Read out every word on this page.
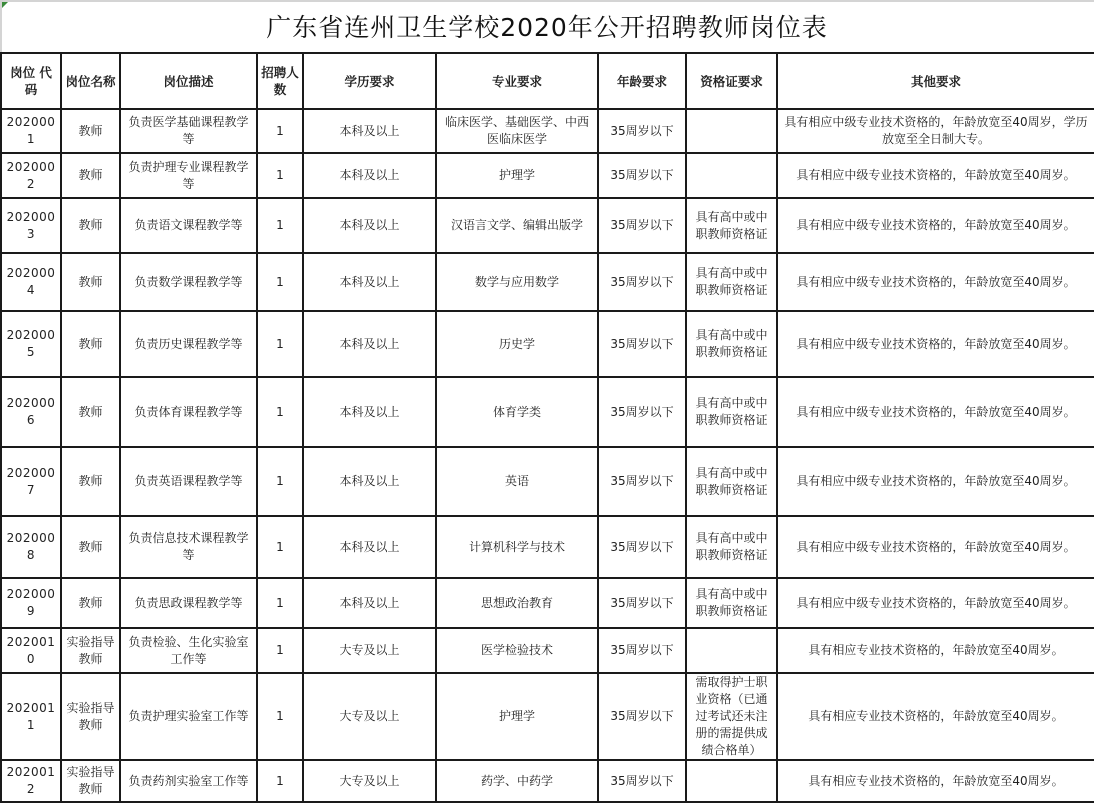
广东省连州卫生学校2020年公开招聘教师岗位表
岗位 代码	岗位名称	岗位描述	招聘人数	学历要求	专业要求	年龄要求	资格证要求	其他要求
2020001	教师	负责医学基础课程教学等	1	本科及以上	临床医学、基础医学、中西医临床医学	35周岁以下		具有相应中级专业技术资格的，年龄放宽至40周岁，学历放宽至全日制大专。
2020002	教师	负责护理专业课程教学等	1	本科及以上	护理学	35周岁以下		具有相应中级专业技术资格的，年龄放宽至40周岁。
2020003	教师	负责语文课程教学等	1	本科及以上	汉语言文学、编辑出版学	35周岁以下	具有高中或中职教师资格证	具有相应中级专业技术资格的，年龄放宽至40周岁。
2020004	教师	负责数学课程教学等	1	本科及以上	数学与应用数学	35周岁以下	具有高中或中职教师资格证	具有相应中级专业技术资格的，年龄放宽至40周岁。
2020005	教师	负责历史课程教学等	1	本科及以上	历史学	35周岁以下	具有高中或中职教师资格证	具有相应中级专业技术资格的，年龄放宽至40周岁。
2020006	教师	负责体育课程教学等	1	本科及以上	体育学类	35周岁以下	具有高中或中职教师资格证	具有相应中级专业技术资格的，年龄放宽至40周岁。
2020007	教师	负责英语课程教学等	1	本科及以上	英语	35周岁以下	具有高中或中职教师资格证	具有相应中级专业技术资格的，年龄放宽至40周岁。
2020008	教师	负责信息技术课程教学等	1	本科及以上	计算机科学与技术	35周岁以下	具有高中或中职教师资格证	具有相应中级专业技术资格的，年龄放宽至40周岁。
2020009	教师	负责思政课程教学等	1	本科及以上	思想政治教育	35周岁以下	具有高中或中职教师资格证	具有相应中级专业技术资格的，年龄放宽至40周岁。
2020010	实验指导教师	负责检验、生化实验室工作等	1	大专及以上	医学检验技术	35周岁以下		具有相应专业技术资格的，年龄放宽至40周岁。
2020011	实验指导教师	负责护理实验室工作等	1	大专及以上	护理学	35周岁以下	需取得护士职业资格（已通过考试还未注册的需提供成绩合格单）	具有相应专业技术资格的，年龄放宽至40周岁。
2020012	实验指导教师	负责药剂实验室工作等	1	大专及以上	药学、中药学	35周岁以下		具有相应专业技术资格的，年龄放宽至40周岁。
